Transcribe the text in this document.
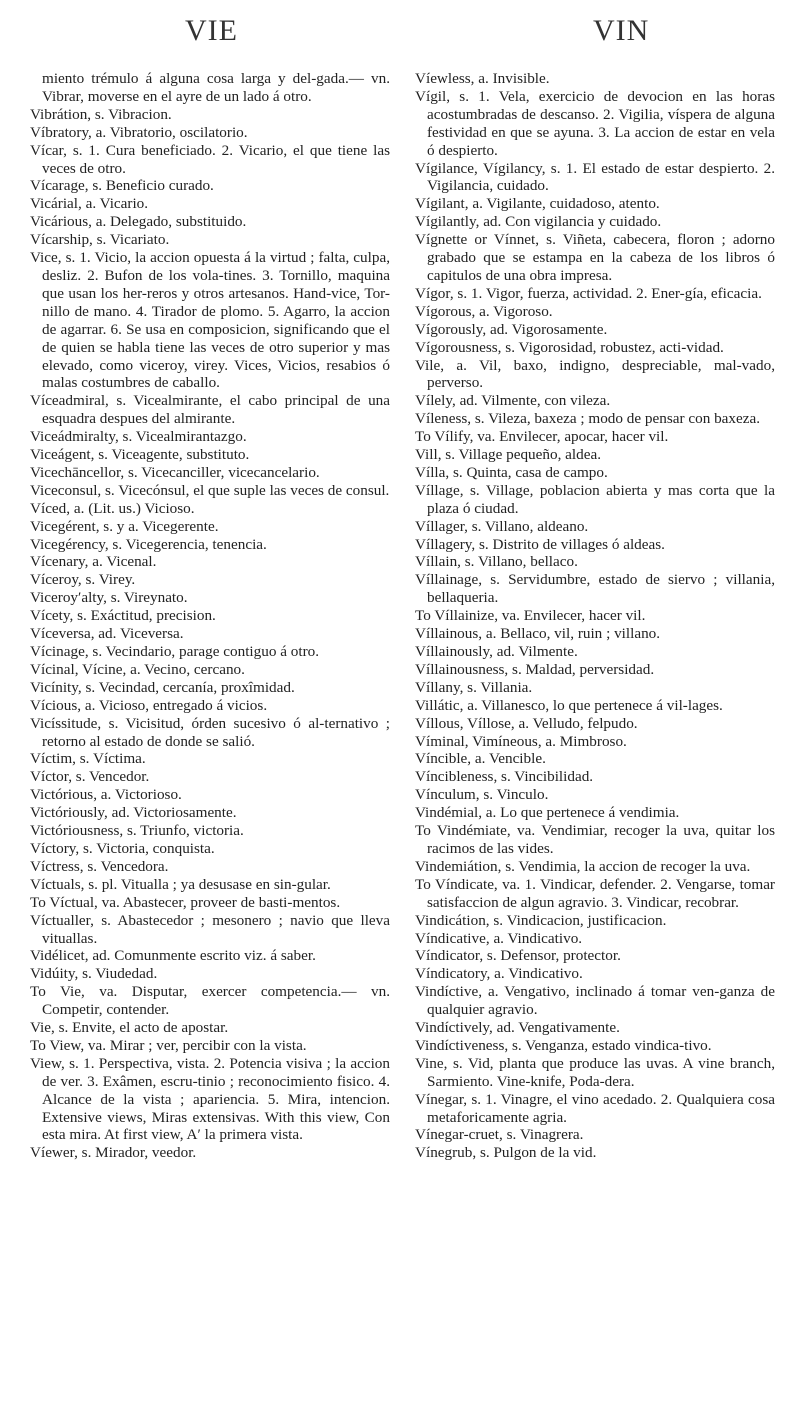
VIE	VIN

miento trémulo á alguna cosa larga y del-gada.— vn. Vibrar, moverse en el ayre de un lado á otro.

Vibrátion, s. Vibracion.

Víbratory, a. Vibratorio, oscilatorio.

Vícar, s. 1. Cura beneficiado. 2. Vicario, el que tiene las veces de otro.

Vícarage, s. Beneficio curado.

Vicárial, a. Vicario.

Vicárious, a. Delegado, substituido.

Vícarship, s. Vicariato.

Vice, s. 1. Vicio, la accion opuesta á la virtud ; falta, culpa, desliz. 2. Bufon de los vola-tines. 3. Tornillo, maquina que usan los her-reros y otros artesanos. Hand-vice, Tor-nillo de mano. 4. Tirador de plomo. 5. Agarro, la accion de agarrar. 6. Se usa en composicion, significando que el de quien se habla tiene las veces de otro superior y mas elevado, como viceroy, virey. Vices, Vicios, resabios ó malas costumbres de caballo.

Víceadmiral, s. Vicealmirante, el cabo principal de una esquadra despues del almirante.

Viceádmiralty, s. Vicealmirantazgo.

Viceágent, s. Viceagente, substituto.

Vicechāncellor, s. Vicecanciller, vicecancelario.

Viceconsul, s. Vicecónsul, el que suple las veces de consul.

Víced, a. (Lit. us.) Vicioso.

Vicegérent, s. y a. Vicegerente.

Vicegérency, s. Vicegerencia, tenencia.

Vícenary, a. Vicenal.

Víceroy, s. Virey.

Viceroy′alty, s. Vireynato.

Vícety, s. Exáctitud, precision.

Víceversa, ad. Viceversa.

Vícinage, s. Vecindario, parage contiguo á otro.

Vícinal, Vícine, a. Vecino, cercano.

Vicínity, s. Vecindad, cercanía, proxîmidad.

Vícious, a. Vicioso, entregado á vicios.

Vicíssitude, s. Vicisitud, órden sucesivo ó al-ternativo ; retorno al estado de donde se salió.

Víctim, s. Víctima.

Víctor, s. Vencedor.

Victórious, a. Victorioso.

Victóriously, ad. Victoriosamente.

Victóriousness, s. Triunfo, victoria.

Víctory, s. Victoria, conquista.

Víctress, s. Vencedora.

Víctuals, s. pl. Vitualla ; ya desusase en sin-gular.

To Víctual, va. Abastecer, proveer de basti-mentos.

Víctualler, s. Abastecedor ; mesonero ; navio que lleva vituallas.

Vidélicet, ad. Comunmente escrito viz. á saber.

Vidúity, s. Viudedad.

To Vie, va. Disputar, exercer competencia.— vn. Competir, contender.

Vie, s. Envite, el acto de apostar.

To View, va. Mirar ; ver, percibir con la vista.

View, s. 1. Perspectiva, vista. 2. Potencia visiva ; la accion de ver. 3. Exâmen, escru-tinio ; reconocimiento fisico. 4. Alcance de la vista ; apariencia. 5. Mira, intencion. Extensive views, Miras extensivas. With this view, Con esta mira. At first view, A′ la primera vista.

Víewer, s. Mirador, veedor.

Víewless, a. Invisible.

Vígil, s. 1. Vela, exercicio de devocion en las horas acostumbradas de descanso. 2. Vigilia, víspera de alguna festividad en que se ayuna. 3. La accion de estar en vela ó despierto.

Vígilance, Vígilancy, s. 1. El estado de estar despierto. 2. Vigilancia, cuidado.

Vígilant, a. Vigilante, cuidadoso, atento.

Vígilantly, ad. Con vigilancia y cuidado.

Vígnette or Vínnet, s. Viñeta, cabecera, floron ; adorno grabado que se estampa en la cabeza de los libros ó capitulos de una obra impresa.

Vígor, s. 1. Vigor, fuerza, actividad. 2. Ener-gía, eficacia.

Vígorous, a. Vigoroso.

Vígorously, ad. Vigorosamente.

Vígorousness, s. Vigorosidad, robustez, acti-vidad.

Vile, a. Vil, baxo, indigno, despreciable, mal-vado, perverso.

Vílely, ad. Vilmente, con vileza.

Víleness, s. Vileza, baxeza ; modo de pensar con baxeza.

To Vílify, va. Envilecer, apocar, hacer vil.

Vill, s. Village pequeño, aldea.

Vílla, s. Quinta, casa de campo.

Víllage, s. Village, poblacion abierta y mas corta que la plaza ó ciudad.

Víllager, s. Villano, aldeano.

Víllagery, s. Distrito de villages ó aldeas.

Víllain, s. Villano, bellaco.

Víllainage, s. Servidumbre, estado de siervo ; villania, bellaqueria.

To Víllainize, va. Envilecer, hacer vil.

Víllainous, a. Bellaco, vil, ruin ; villano.

Víllainously, ad. Vilmente.

Víllainousness, s. Maldad, perversidad.

Víllany, s. Villania.

Villátic, a. Villanesco, lo que pertenece á vil-lages.

Víllous, Víllose, a. Velludo, felpudo.

Víminal, Vimíneous, a. Mimbroso.

Víncible, a. Vencible.

Víncibleness, s. Vincibilidad.

Vínculum, s. Vinculo.

Vindémial, a. Lo que pertenece á vendimia.

To Vindémiate, va. Vendimiar, recoger la uva, quitar los racimos de las vides.

Vindemiátion, s. Vendimia, la accion de recoger la uva.

To Víndicate, va. 1. Vindicar, defender. 2. Vengarse, tomar satisfaccion de algun agravio. 3. Vindicar, recobrar.

Vindicátion, s. Vindicacion, justificacion.

Víndicative, a. Vindicativo.

Víndicator, s. Defensor, protector.

Víndicatory, a. Vindicativo.

Vindíctive, a. Vengativo, inclinado á tomar ven-ganza de qualquier agravio.

Vindíctively, ad. Vengativamente.

Vindíctiveness, s. Venganza, estado vindica-tivo.

Vine, s. Vid, planta que produce las uvas. A vine branch, Sarmiento. Vine-knife, Poda-dera.

Vínegar, s. 1. Vinagre, el vino acedado. 2. Qualquiera cosa metaforicamente agria.

Vínegar-cruet, s. Vinagrera.

Vínegrub, s. Pulgon de la vid.
